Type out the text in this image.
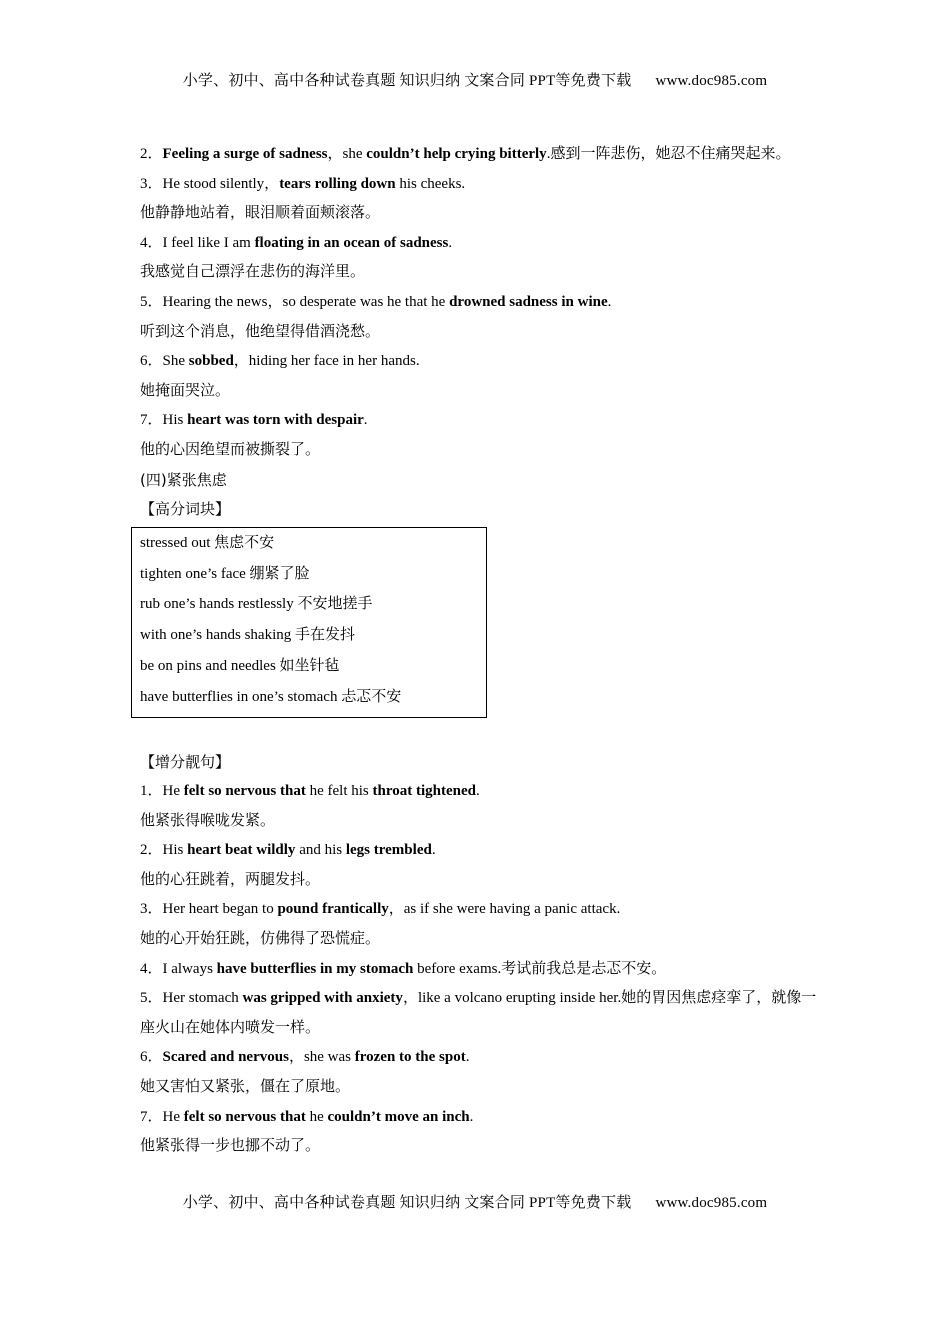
小学、初中、高中各种试卷真题 知识归纳 文案合同 PPT等免费下载 www.doc985.com
2．Feeling a surge of sadness，she couldn’t help crying bitterly.感到一阵悲伤，她忍不住痛哭起来。
3．He stood silently，tears rolling down his cheeks.
他静静地站着，眼泪顺着面颊滚落。
4．I feel like I am floating in an ocean of sadness.
我感觉自己漂浮在悲伤的海洋里。
5．Hearing the news，so desperate was he that he drowned sadness in wine.
听到这个消息，他绝望得借酒浇愁。
6．She sobbed，hiding her face in her hands.
她掩面哭泣。
7．His heart was torn with despair.
他的心因绝望而被撕裂了。
(四)紧张焦虑
【高分词块】
stressed out 焦虑不安
tighten one’s face 绷紧了脸
rub one’s hands restlessly 不安地搓手
with one’s hands shaking 手在发抖
be on pins and needles 如坐针毡
have butterflies in one’s stomach 忐忑不安
【增分靓句】
1．He felt so nervous that he felt his throat tightened.
他紧张得喉咙发紧。
2．His heart beat wildly and his legs trembled.
他的心狂跳着，两腿发抖。
3．Her heart began to pound frantically，as if she were having a panic attack.
她的心开始狂跳，仿佛得了恐慌症。
4．I always have butterflies in my stomach before exams.考试前我总是忐忑不安。
5．Her stomach was gripped with anxiety，like a volcano erupting inside her.她的胃因焦虑痉挛了，就像一座火山在她体内喷发一样。
6．Scared and nervous，she was frozen to the spot.
她又害怕又紧张，僵在了原地。
7．He felt so nervous that he couldn’t move an inch.
他紧张得一步也挪不动了。
小学、初中、高中各种试卷真题 知识归纳 文案合同 PPT等免费下载 www.doc985.com
